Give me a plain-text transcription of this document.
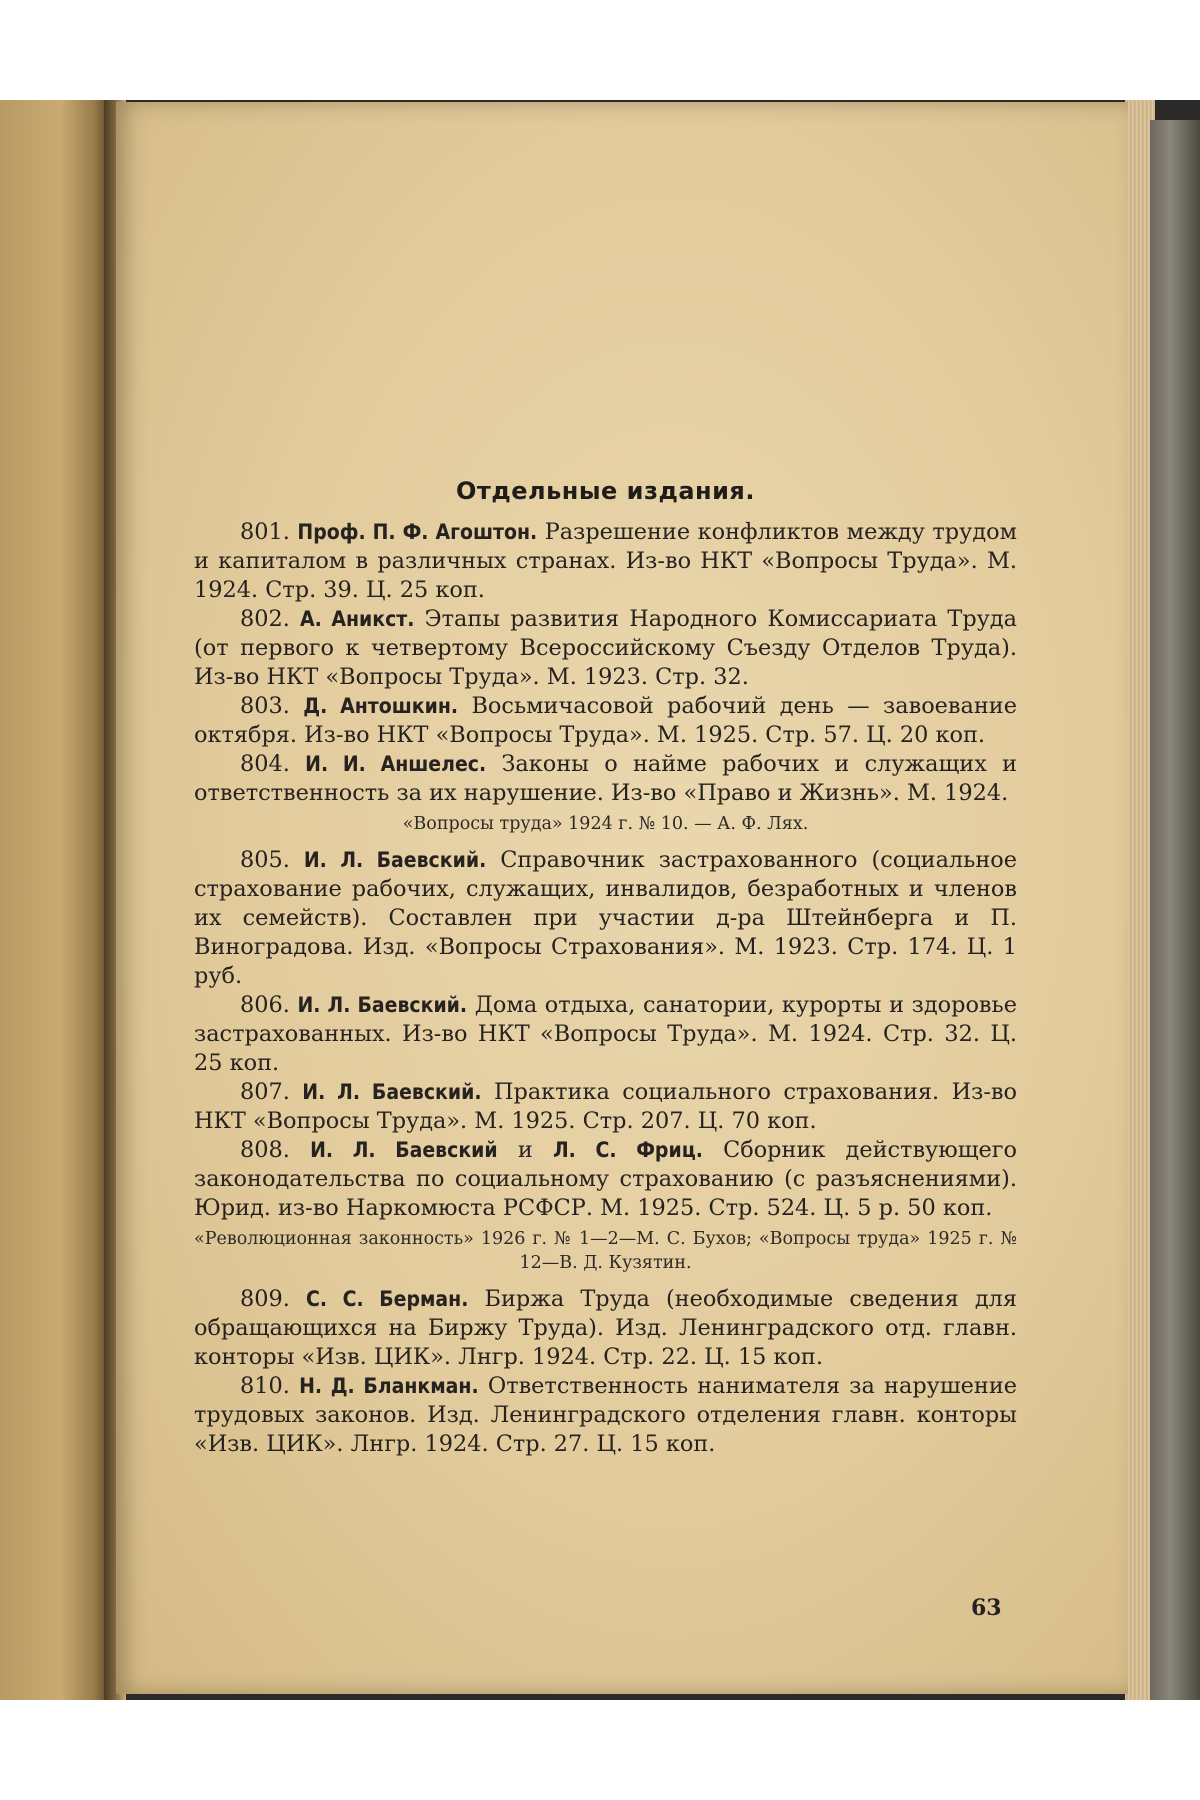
Отдельные издания.

801. Проф. П. Ф. Агоштон. Разрешение конфликтов между трудом и капиталом в различных странах. Из-во НКТ «Вопросы Труда». М. 1924. Стр. 39. Ц. 25 коп.

802. А. Аникст. Этапы развития Народного Комиссариата Труда (от первого к четвертому Всероссийскому Съезду Отделов Труда). Из-во НКТ «Вопросы Труда». М. 1923. Стр. 32.

803. Д. Антошкин. Восьмичасовой рабочий день — завоевание октября. Из-во НКТ «Вопросы Труда». М. 1925. Стр. 57. Ц. 20 коп.

804. И. И. Аншелес. Законы о найме рабочих и служащих и ответственность за их нарушение. Из-во «Право и Жизнь». М. 1924.

«Вопросы труда» 1924 г. № 10. — А. Ф. Лях.

805. И. Л. Баевский. Справочник застрахованного (социальное страхование рабочих, служащих, инвалидов, безработных и членов их семейств). Составлен при участии д-ра Штейнберга и П. Виноградова. Изд. «Вопросы Страхования». М. 1923. Стр. 174. Ц. 1 руб.

806. И. Л. Баевский. Дома отдыха, санатории, курорты и здоровье застрахованных. Из-во НКТ «Вопросы Труда». М. 1924. Стр. 32. Ц. 25 коп.

807. И. Л. Баевский. Практика социального страхования. Из-во НКТ «Вопросы Труда». М. 1925. Стр. 207. Ц. 70 коп.

808. И. Л. Баевский и Л. С. Фриц. Сборник действующего законодательства по социальному страхованию (с разъяснениями). Юрид. из-во Наркомюста РСФСР. М. 1925. Стр. 524. Ц. 5 р. 50 коп.

«Революционная законность» 1926 г. № 1—2—М. С. Бухов; «Вопросы труда» 1925 г. № 12—В. Д. Кузятин.

809. С. С. Берман. Биржа Труда (необходимые сведения для обращающихся на Биржу Труда). Изд. Ленинградского отд. главн. конторы «Изв. ЦИК». Лнгр. 1924. Стр. 22. Ц. 15 коп.

810. Н. Д. Бланкман. Ответственность нанимателя за нарушение трудовых законов. Изд. Ленинградского отделения главн. конторы «Изв. ЦИК». Лнгр. 1924. Стр. 27. Ц. 15 коп.

63
